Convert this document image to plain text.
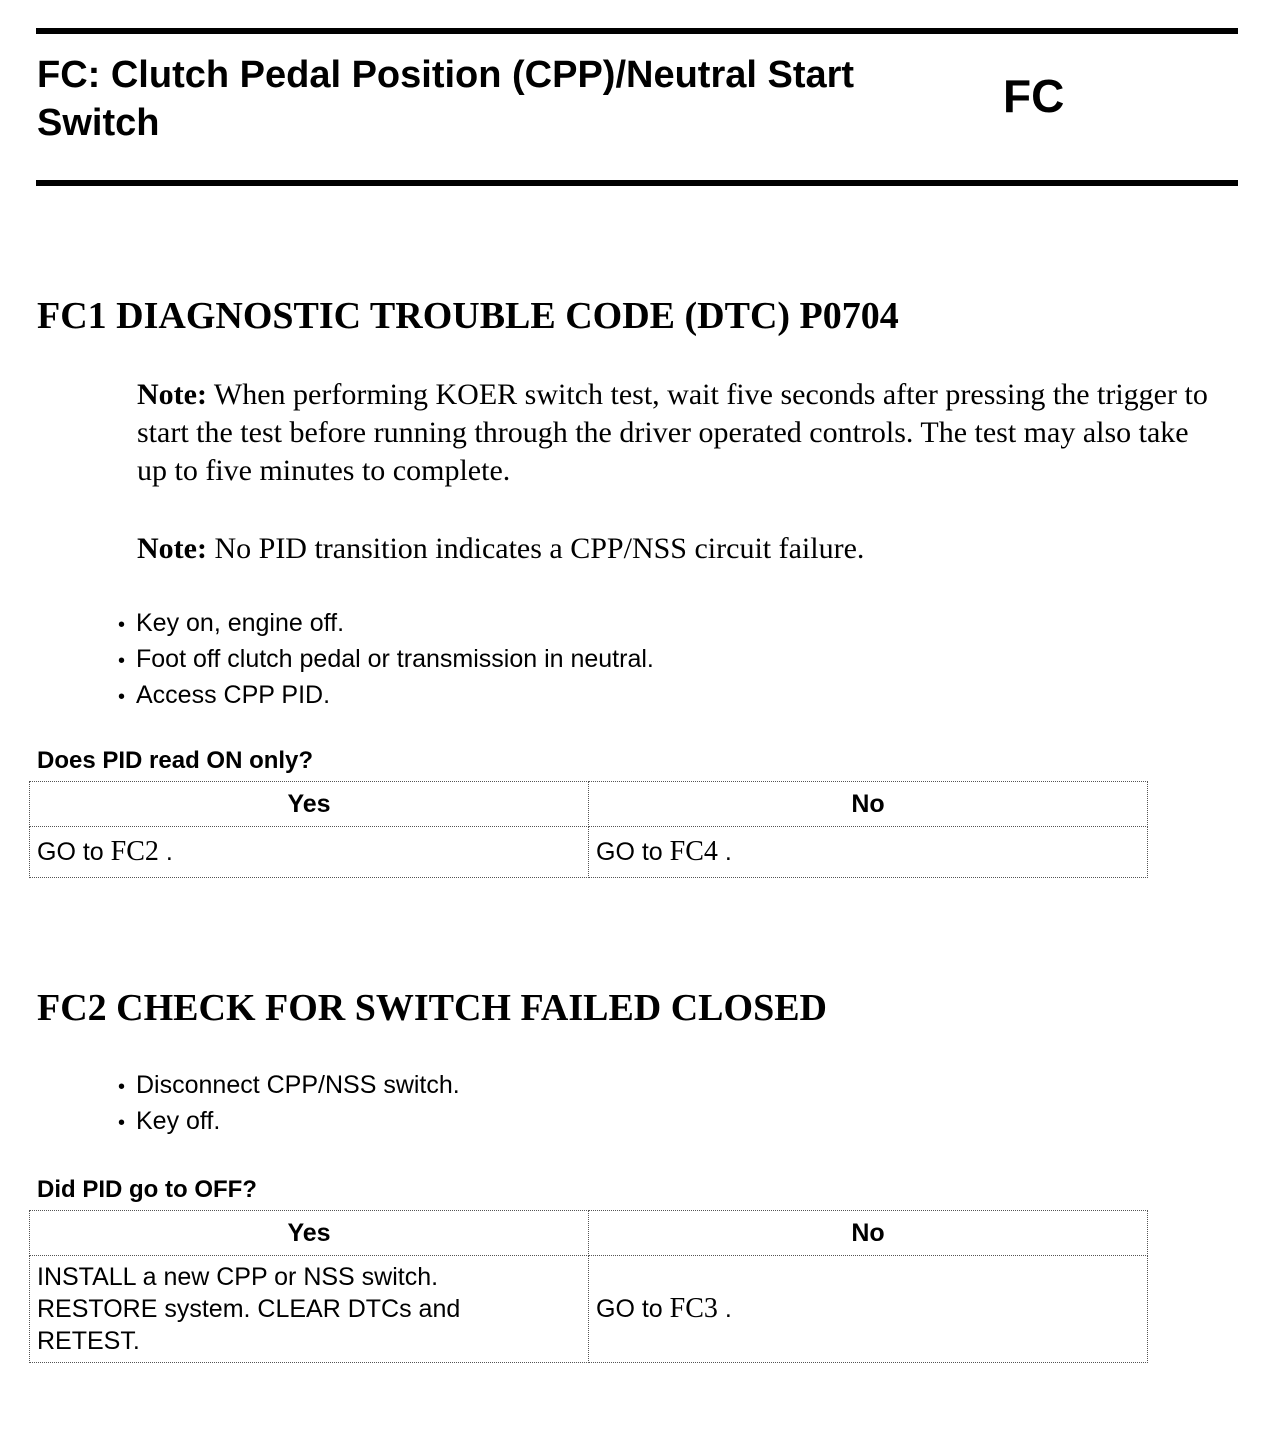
FC: Clutch Pedal Position (CPP)/Neutral Start Switch
FC
FC1 DIAGNOSTIC TROUBLE CODE (DTC) P0704

Note: When performing KOER switch test, wait five seconds after pressing the trigger to start the test before running through the driver operated controls. The test may also take up to five minutes to complete.

Note: No PID transition indicates a CPP/NSS circuit failure.

• Key on, engine off.
• Foot off clutch pedal or transmission in neutral.
• Access CPP PID.
Does PID read ON only?
Yes	No
GO to FC2 .	GO to FC4 .
FC2 CHECK FOR SWITCH FAILED CLOSED
• Disconnect CPP/NSS switch.
• Key off.
Did PID go to OFF?
Yes	No

INSTALL a new CPP or NSS switch.
RESTORE system. CLEAR DTCs and
RETEST.	GO to FC3 .
